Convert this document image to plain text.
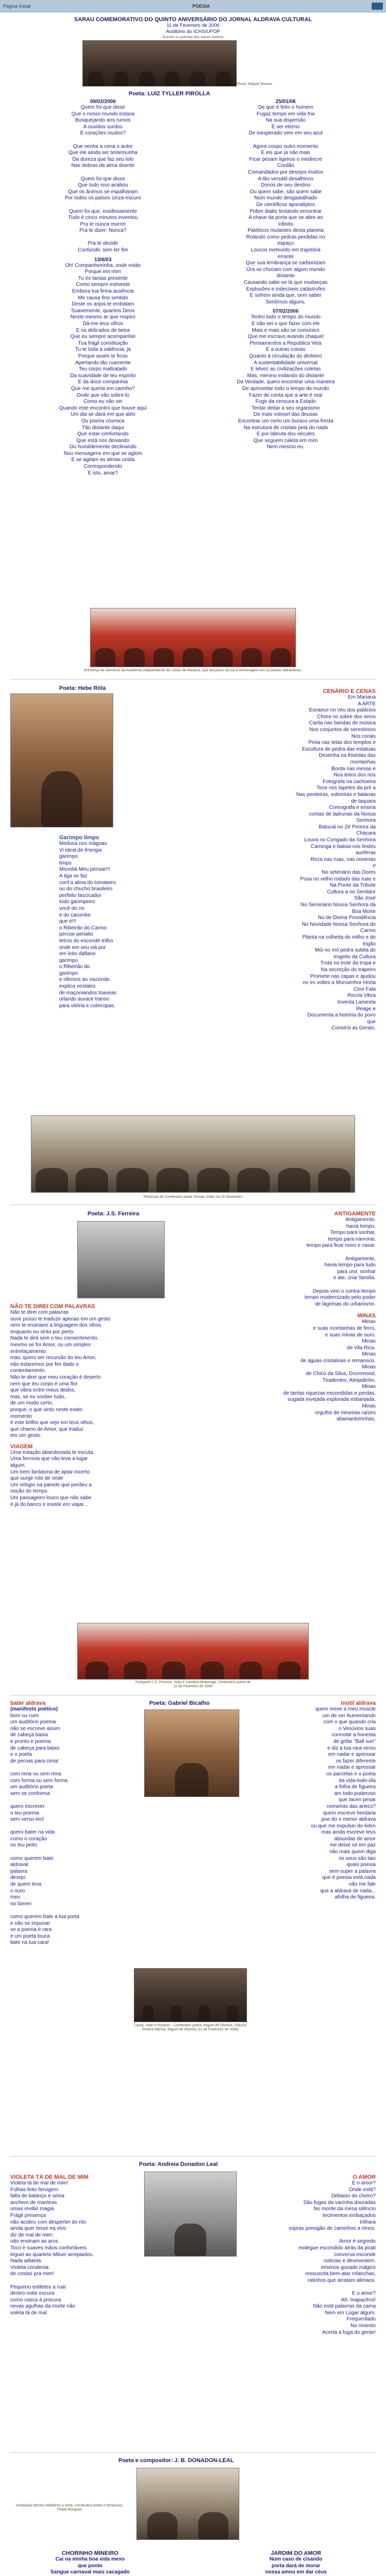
Página Inicial	POESIA
SARAU COMEMORATIVO DO QUINTO ANIVERSÁRIO DO JORNAL ALDRAVA CULTURAL
11 de Fevereiro de 2006
Auditório do ICHS/UFOP
Acesse os poemas dos outros autores
Photo: Raquel Romeo
Poeta: LUIZ TYLLER PIROLLA
09/02/2006
Quem foi que disse
Que o nosso mundo estava
Busquejando aos rumos
A ouvidos surdos
E corações mudos?

Que venha a cena o autor
Que ele ainda ser testemunha
Da dureza que faz seu lolo
Nas dobras da alma doente

Quem foi que disse
Que tudo isso acabou
Que os ânimos se espalharam
Por todos os países cinza-escuro

Quem foi que, insidiosamente
Tudo é cinco minutos inventou
Pra te nunca morrer
Pra te dizer: Nunca?

Pra te decidir
Confundir, sem ter fim
13/6/03
Oh! Companheirinha, onde estás
Porque em mim
Tu és tantas presente
Como sempre estiveste
Embora tua firma ausência
Me causa fino sentido
Deste os anjos te embalam
Suavemente, quantos Deus
Neste mesmo ar que respiro
Dá-me teus olhos
E os delicados de beira
Que eu sempre acompanhei
Tua frágil constituição
Tu te toda a saliência, já
Porque assim te ficou
Apertando tão ruamente
Teu corpo maltratado
Da suavidade de teu espírito
E da doce companhia
Que me queria em carinho?
Onde que não sobre-lo
Como eu não sei
Quando este encontro que houve aqui
Um dia se dará em que aléo
Ou poeira cósmica
Tão distante daqui
Que estar confortando
Que está nos deixando
Ou humildemente declinando
Nou mensagens em que se aglom
E se agitam as almas unida
Correspondendo
É isto, amar?
25/01/06
De que é feito o homem
Fugaz tempo em vida fria
Na sua dispersão
É ser eterno
De inesperado vem em seu azul

Agora coopo outro momento
E eis que já não mais
Ficar pesam ligeiros o mediocre
Cordão
Comandados por desejos muitos
A tão versátil desalhinos
Donos de seu destino
Ou quem sabe, são quem sabe
Num mundo desgastalhado
De científicos apocalíptos
Pobre diabo testando encontrar
A chave da porta que se abre ao
infinito
Patéticos mutantes desta planeta
Rolando como pedras perdidas no
espaço
Loucos meteorito em trajetória
errante
Que sua lembrança se carbonizam
Ora se chocam com algum mundo
distante
Causando sabe-se lá que mudanças
Explosões e indecíveis catástrofes
E sofrem ainda que, sem saber
Serdímos alguns.
07/02/2006
Tenho todo o tempo do mundo
E não sei o que fazer com ele
Mais e mais são se comunico
Que me escravo avando chaquel
Pensamentos a Republica Veia
E a outras coisas
Quanto à circulação do dinheiro
A sustentabilidade universal
E lelvez as civilizações coletas
Mas, menino exilando do distante
Da Verdade, quero encontrar uma maneira
De aproveitar todo o tempo do mundo
Fazer de conta que a arte é real
Fugir da censura a Estado
Tentar deitar a seu organismo
De mais volosel das deusas
Encontrar um certo um buraco uma fresta
Na estrutura de cristais pela do nada
E por labruta dos sécules
Que seguem caleta em mim
Nem mesmo eu.
Presença de membros da Academia Independente do Letras de Mariana, que lançaram na lua à homenagem em os poetas aldravianos.
Poeta: Hebe Rôla	CENÁRIO E CENAS
Em Mariana
A ARTE
Esvaece no véu dos palácios
Chora no sobre dos sinos
Canta nas bandas de música
Nos conjuntos de seresteiros
Nos corais
Pinta nas telas dos templos e
Escultura de pedra das estatuas
Desenha na frisédas das
montanhas
Borda nas mesas e
Nos leitos dos rios
Fotografa na cachoeira
Tece nos tapetes da pré a
Nas penteiras, sobreiras e balanas
de taquara
Coreografa e ensina
contas de ladrunas da Nossa
Senhora
Batucai no Zé Pereira da
Chácara
Louva no Congado da Senhora
Caminga e baloia nos festes
auriferas
Reza nas ruas, nas novenas
e
No setenário das Dores
Posa no velho rodado das ruas e
Na Ponte da Tribute
Cultura a no Sentidor
São José
No Seminário Nossa Senhora da
Boa Morte
No de Divina Providência
No Novidade Nossa Senhora do
Carmo
Planta na colheita do milho e do
trigão
Mói no mó pedra subita do
engeito da Cultura
Trota no trote da tropa e
Na secreção do trapeiro
Promete nas capas e ajudou
no es voltes a Monsenhor Horta
Cine Fala
Recria Vibra
Inventa Lamenta
Reage e
Documenta a história do povo
que
Constrói as Gerais.
Garimpo limpo
Medusa nos mágoas
Vi ideal de ênergia
garimpo
limpo
Monoliá Meu pensar!!!
A tiga se faz
conf a alma do tomateiro
ou do chucho brasileiro
perfeito fascicador
todo garimpeiro
você do rio
e do carumbe
que é!!!
o Ribeirão do Carmo
percoe perialio
tetros do escondé-trilho
onde em seu viá por
em leito dálfano
garimpo
o Ribeirão do
garimpo
e oferece ao viscondo
explica vestales
de maçoniandos toaveas
orlando aurace transo
para vitória e coleiropas.
Presença de Centenário poeta Servas Uniko na 16 Novembro
Poeta: J.S. Ferreira
NÃO TE DIREI COM PALAVRAS
Não te direi com palavras
ouvir posso te traduzir apenas em um gesto
nem te ensinarei a linguagem dos olhos
enquanto eu sinto por perto.
Nada te dirá sem o teu consentimento.
mesmo se for Amor, ou um simples
entrelaçamento.
mas, quero ser recursão do teu Amor,
não estaremos por fim dado o
contentamento.
Não te direi que meu coração é deserto
nem que teu corpo é uma flor
que vibra entre meus dedos,
mas, se eu souber tudo,
de um modo certo,
porque, o que sinto neste exato
momento
é este brilho que vejo em teus olhos,
que chamo de Amor, que traduz
em um gesto.
VIAGEM
Uma estação abandonada te escuta.
Uma ferrovia que não leva a lugar
algum.
Um trem fantasma de aptar incerto
que surge rolo de onde
Um relógio na parede que perdeu a
noção do tempo.
Um passageiro louco que não sabe
é já do banco e insiste em viajar...
ANTIGAMENTE
Antigamente,
havia tempo.
Tempo para sonhar,
tempo para namorar,
tempo para ficar novo e casar.

Antigamente,
havia tempo para tudo
para unir, sonhar
e ate, criar família.

Depois veio o contra-tempo
tempo modernizado pelo poder
de lágrimas do urbanismo.
MINAS
Minas
e suas montanhas de ferro,
e suas minas de ouro.
Minas
de Vila Rica.
Minas
de águas cristalinas e remansos.
Minas
de Chico da Silva, Drummond,
Tiradentes, Aleijadinho.
Minas
de tantas riquezas escondidas e perdas,
sugada invejada explorada esbanjada.
Minas
orgulho de mineiras raízes
altamanteirinhas.
Fotógrafo J.S. Ferreira, João e Carolina Alvarenga, Centenário poeta de
11 de Fevereiro de 2006
Poeta: Gabriel Bicalho
bater aldrava
(manifesto poético)
bom ou ruim
um auditório poema
não se escreve assim
de cabeça baixa
e pronto e poema
de cabeça para baixo
e o poeta
de pernas para cima!

com rima ou sem rima
com forma ou sem forma
um auditório poeta
sem se conforma

quero escrever
o teu poema
sem verso-tecl

quero bater na vida
como o coração
no teu peito

como querem bate
aldraval
palavra
desejo
de quem leva
o ouro
meu
no lúmen

como querem bate a tua porta
e não se impunar
se a poesia é rara
e um poeta louca
bate na tua cara!
Laura, João e Rosário – Centenário poeta, Miguel de Oliveira, Gláucio Pereira Márcia, Miguel de Oliveira (11 de Fevereiro de 2006)
inútil aldrava
quem mexe a meu muscle
um de ser Aumentando
com o que quando cria
o Vesúvios suas
connotar a honesta
de grifar "Ball sun"
e diz a tua rara verso
em nadar e apressar
os fazer diferente
em nadar e apressar
os parcelas e o poeta
da vida-todo-dia
a folha de figueira
am todo poderoso
que tacen pesar
nomeiras das ariecs?
quem escreve herdaria
poe do o menor aldrava
ou que me expulsei do éden
mas ainda escreve teus
absurdas de amor
me deixe só em paz
não mais quem diga
os seus são tais
quais poesia
sem super a palavra
que é poesia está nada
não me fale
que a aldrava de nada...
afolha de figueira.
Poeta: Andreia Donadon Leal
VIOLETA TÁ DE MAL DE MIM
Violeta tá de mal de mim!
Folhas feito fervigem
falta de balanço e seiva
anchem de manteas
umas revibir magia.
Frágil presença
não acobru com desperter do rito
ainda quer tesse eq vivo
diz de mal de mim:
não ensinam as aros
Toco e suaves mãos confortáveis.
leguei ao quarteto Miluei arrepiados.
Nada adianta.
Violeta condenia:
de costas pra mim!

Pequeno estiletes a ruar
dentro noite escura
como casca à procura
nevas agulhas da morte não
voleta tá de mal.
O AMOR
E o amor?
Onde está?
Debaixo do cheiro?
São fugaz da vacinha douradas
No monte da mesa silêncio
tecimentos embaçados
trilhara
sopras presigão de caminhos a rimos.

Amor é segredo
molegue escondido atrás da pirati
conversa esconde
noticias e desesesiem.
emenos gozado mágico
ressuscita bem-atar rolanchas,
ratinhos que arratam alimaos.

E o amor?
Ah. Inapacéroi!
Não está palavras da cama
Nem em Lúgar algum.
Frequentado
No rimento
Acerta a fuga do gente!
Poeta e compositor: J. B. DONADON-LEAL
Instalação Minsen Mulheres a Vinte, Centenário poeta e Reskouss, Thank Ronquim
CHORINHO MINEIRO
Cai na minha boa vida mexo
que ponto
Sangue carnaval mais cacagado

JARDIM DO AMOR
Num caso de cisando
porta dará de morar
nossa amou em dar céus
